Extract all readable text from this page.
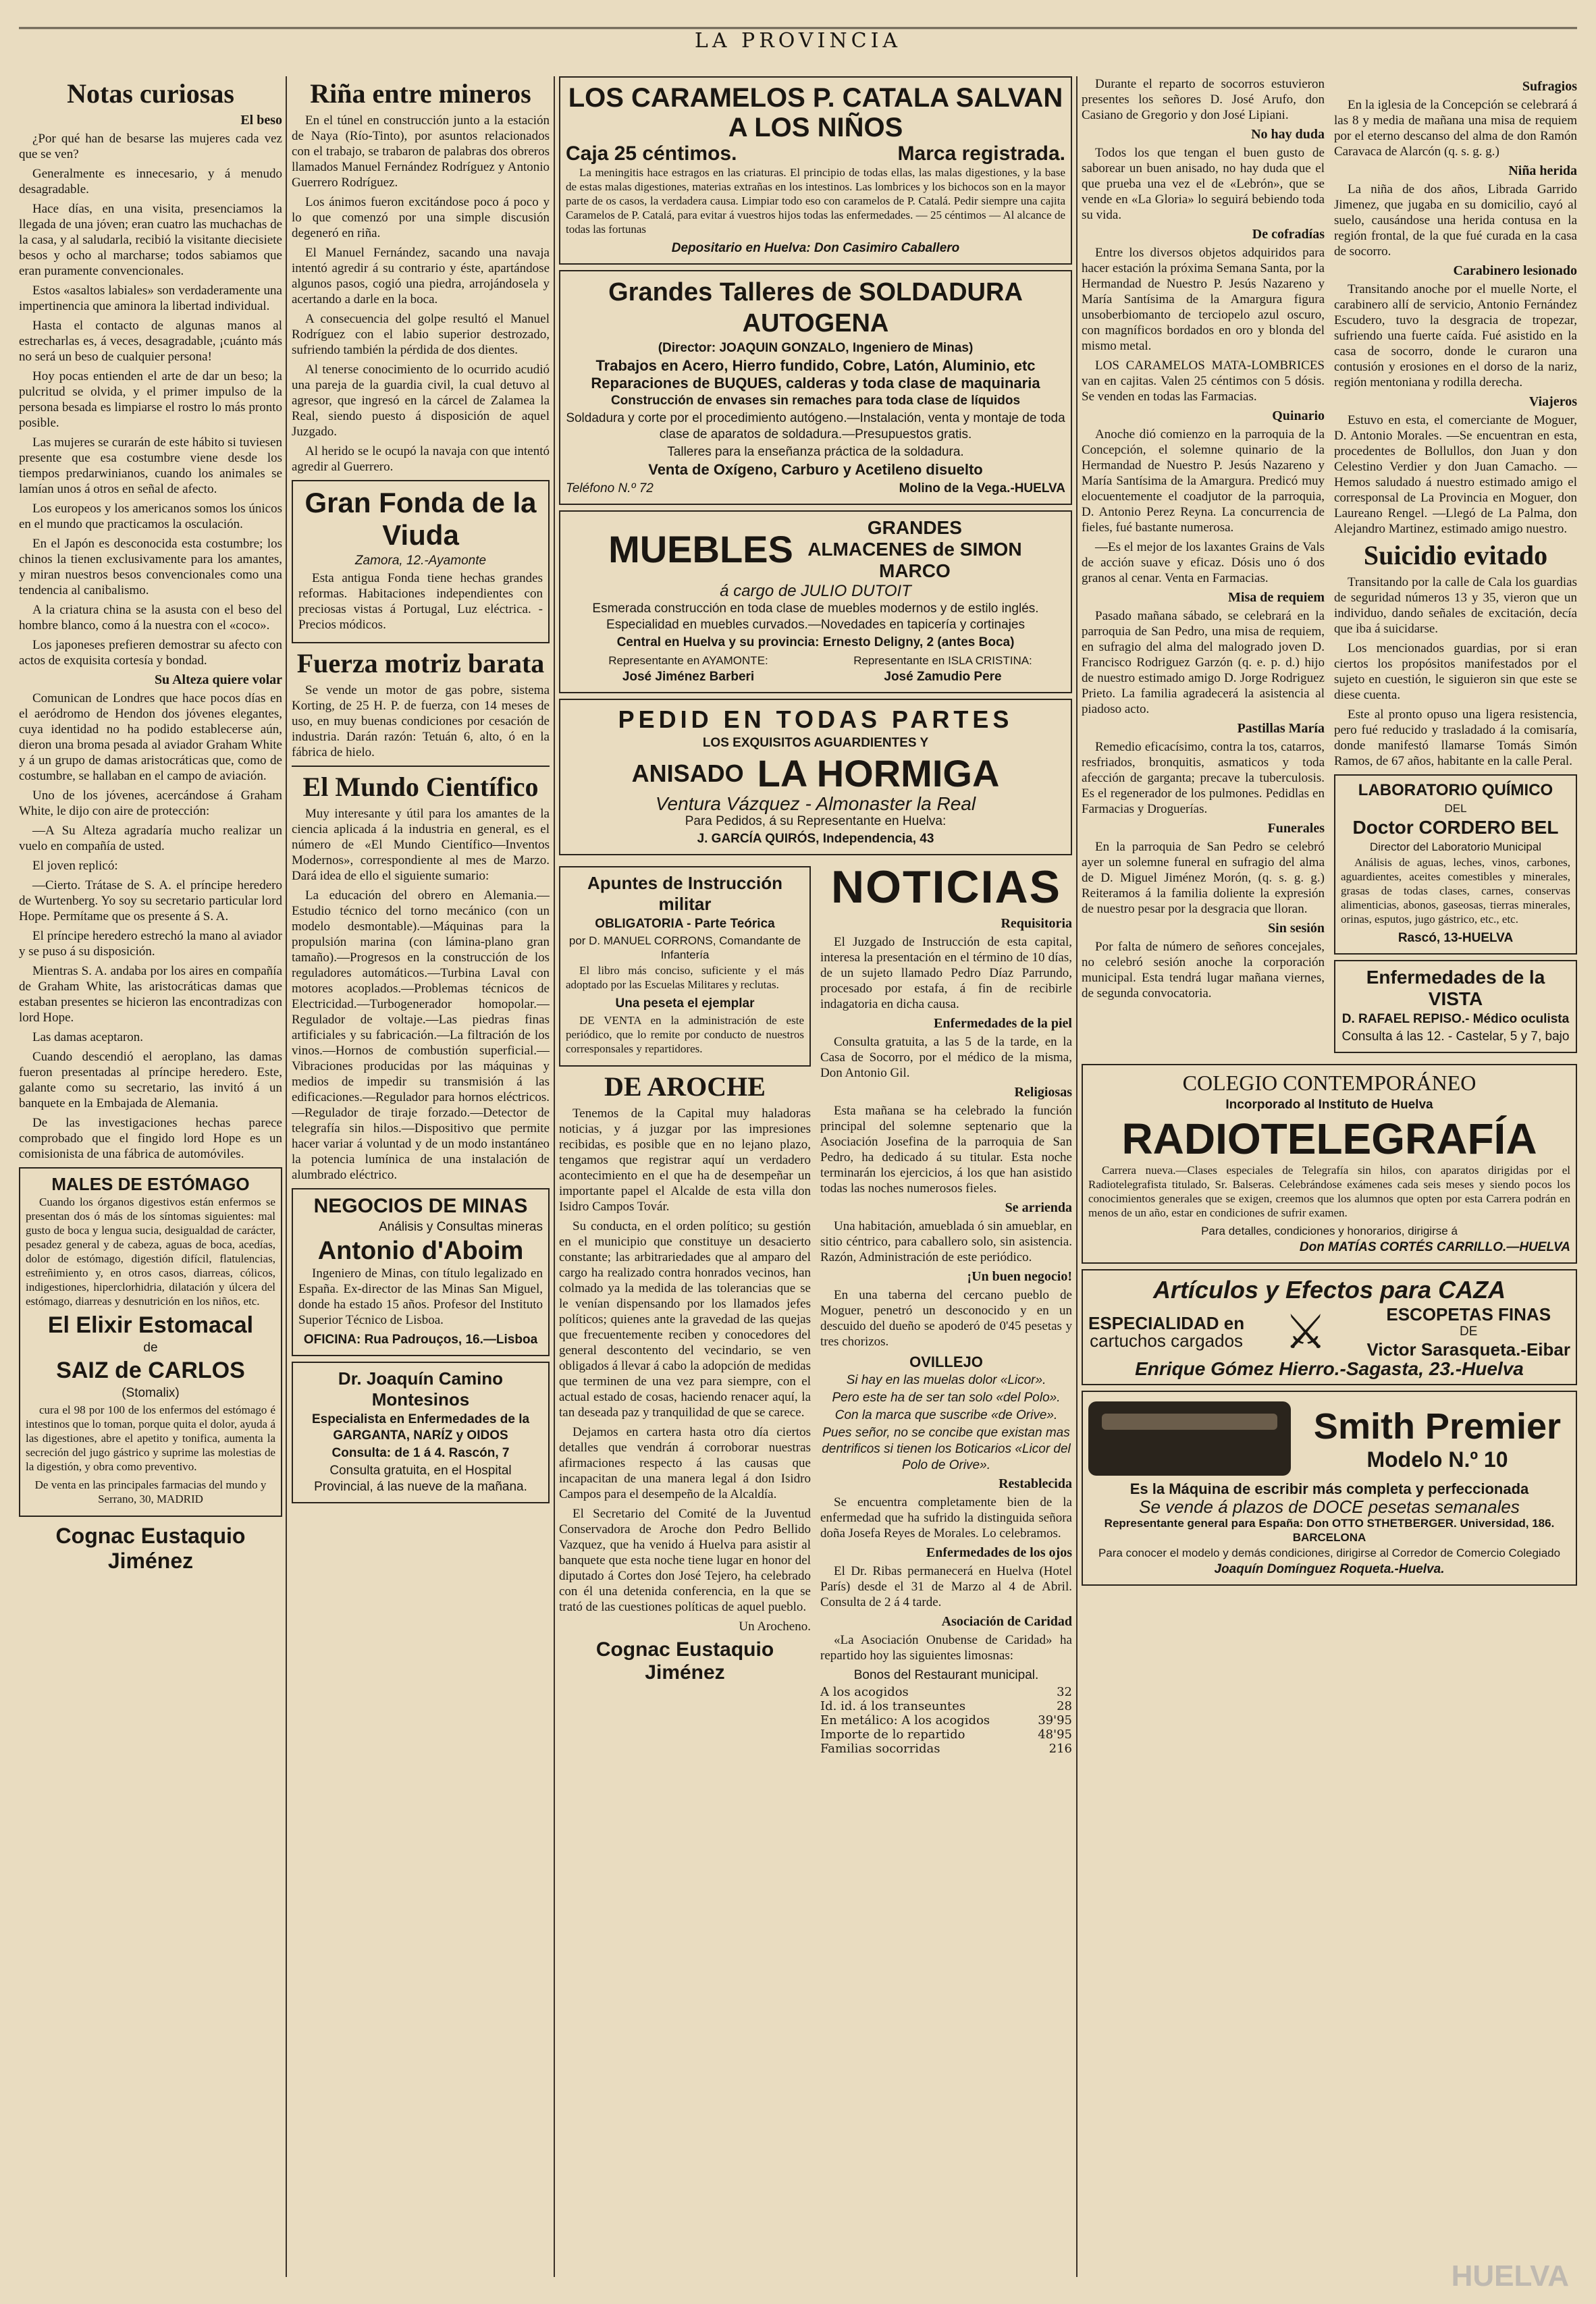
LA PROVINCIA
Notas curiosas
El beso

¿Por qué han de besarse las mujeres cada vez que se ven?

Generalmente es innecesario, y á menudo desagradable.

Hace días, en una visita, presenciamos la llegada de una jóven; eran cuatro las muchachas de la casa, y al saludarla, recibió la visitante diecisiete besos y ocho al marcharse; todos sabiamos que eran puramente convencionales.

Estos «asaltos labiales» son verdaderamente una impertinencia que aminora la libertad individual.

Hasta el contacto de algunas manos al estrecharlas es, á veces, desagradable, ¡cuánto más no será un beso de cualquier persona!

Hoy pocas entienden el arte de dar un beso; la pulcritud se olvida, y el primer impulso de la persona besada es limpiarse el rostro lo más pronto posible.

Las mujeres se curarán de este hábito si tuviesen presente que esa costumbre viene desde los tiempos predarwinianos, cuando los animales se lamían unos á otros en señal de afecto.

Los europeos y los americanos somos los únicos en el mundo que practicamos la osculación.

En el Japón es desconocida esta costumbre; los chinos la tienen exclusivamente para los amantes, y miran nuestros besos convencionales como una tendencia al canibalismo.

A la criatura china se la asusta con el beso del hombre blanco, como á la nuestra con el «coco».

Los japoneses prefieren demostrar su afecto con actos de exquisita cortesía y bondad.

Su Alteza quiere volar

Comunican de Londres que hace pocos días en el aeródromo de Hendon dos jóvenes elegantes, cuya identidad no ha podido establecerse aún, dieron una broma pesada al aviador Graham White y á un grupo de damas aristocráticas que, como de costumbre, se hallaban en el campo de aviación.

Uno de los jóvenes, acercándose á Graham White, le dijo con aire de protección:

—A Su Alteza agradaría mucho realizar un vuelo en compañía de usted.

El joven replicó:

—Cierto. Trátase de S. A. el príncipe heredero de Wurtenberg. Yo soy su secretario particular lord Hope. Permítame que os presente á S. A.

El príncipe heredero estrechó la mano al aviador y se puso á su disposición.

Mientras S. A. andaba por los aires en compañía de Graham White, las aristocráticas damas que estaban presentes se hicieron las encontradizas con lord Hope.

Las damas aceptaron.

Cuando descendió el aeroplano, las damas fueron presentadas al príncipe heredero. Este, galante como su secretario, las invitó á un banquete en la Embajada de Alemania.

De las investigaciones hechas parece comprobado que el fingido lord Hope es un comisionista de una fábrica de automóviles.

MALES DE ESTÓMAGO

Cuando los órganos digestivos están enfermos se presentan dos ó más de los síntomas siguientes: mal gusto de boca y lengua sucia, desigualdad de carácter, pesadez general y de cabeza, aguas de boca, acedías, dolor de estómago, digestión difícil, flatulencias, estreñimiento y, en otros casos, diarreas, cólicos, indigestiones, hiperclorhidria, dilatación y úlcera del estómago, diarreas y desnutrición en los niños, etc.

El Elixir Estomacal
de
SAIZ de CARLOS
(Stomalix)

cura el 98 por 100 de los enfermos del estómago é intestinos que lo toman, porque quita el dolor, ayuda á las digestiones, abre el apetito y tonifica, aumenta la secreción del jugo gástrico y suprime las molestias de la digestión, y obra como preventivo.

De venta en las principales farmacias del mundo y Serrano, 30, MADRID

Cognac Eustaquio Jiménez
Riña entre mineros

En el túnel en construcción junto a la estación de Naya (Río-Tinto), por asuntos relacionados con el trabajo, se trabaron de palabras dos obreros llamados Manuel Fernández Rodríguez y Antonio Guerrero Rodríguez.

Los ánimos fueron excitándose poco á poco y lo que comenzó por una simple discusión degeneró en riña.

El Manuel Fernández, sacando una navaja intentó agredir á su contrario y éste, apartándose algunos pasos, cogió una piedra, arrojándosela y acertando a darle en la boca.

A consecuencia del golpe resultó el Manuel Rodríguez con el labio superior destrozado, sufriendo también la pérdida de dos dientes.

Al tenerse conocimiento de lo ocurrido acudió una pareja de la guardia civil, la cual detuvo al agresor, que ingresó en la cárcel de Zalamea la Real, siendo puesto á disposición de aquel Juzgado.

Al herido se le ocupó la navaja con que intentó agredir al Guerrero.

Gran Fonda de la Viuda
Zamora, 12.-Ayamonte

Esta antigua Fonda tiene hechas grandes reformas. Habitaciones independientes con preciosas vistas á Portugal, Luz eléctrica. - Precios módicos.

Fuerza motriz barata

Se vende un motor de gas pobre, sistema Korting, de 25 H. P. de fuerza, con 14 meses de uso, en muy buenas condiciones por cesación de industria. Darán razón: Tetuán 6, alto, ó en la fábrica de hielo.

El Mundo Científico

Muy interesante y útil para los amantes de la ciencia aplicada á la industria en general, es el número de «El Mundo Científico—Inventos Modernos», correspondiente al mes de Marzo. Dará idea de ello el siguiente sumario:

La educación del obrero en Alemania.—Estudio técnico del torno mecánico (con un modelo desmontable).—Máquinas para la propulsión marina (con lámina-plano gran tamaño).—Progresos en la construcción de los reguladores automáticos.—Turbina Laval con motores acoplados.—Problemas técnicos de Electricidad.—Turbogenerador homopolar.—Regulador de voltaje.—Las piedras finas artificiales y su fabricación.—La filtración de los vinos.—Hornos de combustión superficial.—Vibraciones producidas por las máquinas y medios de impedir su transmisión á las edificaciones.—Regulador para hornos eléctricos.—Regulador de tiraje forzado.—Detector de telegrafía sin hilos.—Dispositivo que permite hacer variar á voluntad y de un modo instantáneo la potencia lumínica de una instalación de alumbrado eléctrico.

NEGOCIOS DE MINAS
Análisis y Consultas mineras
Antonio d'Aboim

Ingeniero de Minas, con título legalizado en España. Ex-director de las Minas San Miguel, donde ha estado 15 años. Profesor del Instituto Superior Técnico de Lisboa.

OFICINA: Rua Padrouços, 16.—Lisboa
Dr. Joaquín Camino Montesinos
Especialista en Enfermedades de la GARGANTA, NARÍZ y OIDOS
Consulta: de 1 á 4. Rascón, 7
Consulta gratuita, en el Hospital Provincial, á las nueve de la mañana.
LOS CARAMELOS P. CATALA SALVAN A LOS NIÑOS
Caja 25 céntimos.	Marca registrada.

La meningitis hace estragos en las criaturas. El principio de todas ellas, las malas digestiones, y la base de estas malas digestiones, materias extrañas en los intestinos. Las lombrices y los bichocos son en la mayor parte de os casos, la verdadera causa. Limpiar todo eso con caramelos de P. Catalá. Pedir siempre una cajita Caramelos de P. Catalá, para evitar á vuestros hijos todas las enfermedades. — 25 céntimos — Al alcance de todas las fortunas

Depositario en Huelva: Don Casimiro Caballero
Grandes Talleres de SOLDADURA AUTOGENA
(Director: JOAQUIN GONZALO, Ingeniero de Minas)
Trabajos en Acero, Hierro fundido, Cobre, Latón, Aluminio, etc
Reparaciones de BUQUES, calderas y toda clase de maquinaria
Construcción de envases sin remaches para toda clase de líquidos
Soldadura y corte por el procedimiento autógeno.—Instalación, venta y montaje de toda clase de aparatos de soldadura.—Presupuestos gratis.
Talleres para la enseñanza práctica de la soldadura.
Venta de Oxígeno, Carburo y Acetileno disuelto
Teléfono N.º 72	Molino de la Vega.-HUELVA
MUEBLES
GRANDES ALMACENES de SIMON MARCO
á cargo de JULIO DUTOIT
Esmerada construcción en toda clase de muebles modernos y de estilo inglés. Especialidad en muebles curvados.—Novedades en tapicería y cortinajes
Central en Huelva y su provincia: Ernesto Deligny, 2 (antes Boca)
Representante en AYAMONTE:
José Jiménez Barberi
Representante en ISLA CRISTINA:
José Zamudio Pere
PEDID EN TODAS PARTES
LOS EXQUISITOS AGUARDIENTES Y
ANISADO LA HORMIGA
Ventura Vázquez - Almonaster la Real
Para Pedidos, á su Representante en Huelva:
J. GARCÍA QUIRÓS, Independencia, 43
Apuntes de Instrucción militar
OBLIGATORIA - Parte Teórica
por D. MANUEL CORRONS, Comandante de Infantería

El libro más conciso, suficiente y el más adoptado por las Escuelas Militares y reclutas.

Una peseta el ejemplar

DE VENTA en la administración de este periódico, que lo remite por conducto de nuestros corresponsales y repartidores.

DE AROCHE

Tenemos de la Capital muy haladoras noticias, y á juzgar por las impresiones recibidas, es posible que en no lejano plazo, tengamos que registrar aquí un verdadero acontecimiento en el que ha de desempeñar un importante papel el Alcalde de esta villa don Isidro Campos Továr.

Su conducta, en el orden político; su gestión en el municipio que constituye un desacierto constante; las arbitrariedades que al amparo del cargo ha realizado contra honrados vecinos, han colmado ya la medida de las tolerancias que se le venían dispensando por los llamados jefes políticos; quienes ante la gravedad de las quejas que frecuentemente reciben y conocedores del general descontento del vecindario, se ven obligados á llevar á cabo la adopción de medidas que terminen de una vez para siempre, con el actual estado de cosas, haciendo renacer aquí, la tan deseada paz y tranquilidad de que se carece.

Dejamos en cartera hasta otro día ciertos detalles que vendrán á corroborar nuestras afirmaciones respecto á las causas que incapacitan de una manera legal á don Isidro Campos para el desempeño de la Alcaldía.

El Secretario del Comité de la Juventud Conservadora de Aroche don Pedro Bellido Vazquez, que ha venido á Huelva para asistir al banquete que esta noche tiene lugar en honor del diputado á Cortes don José Tejero, ha celebrado con él una detenida conferencia, en la que se trató de las cuestiones políticas de aquel pueblo.

Un Arocheno.

Cognac Eustaquio Jiménez
NOTICIAS
Requisitoria

El Juzgado de Instrucción de esta capital, interesa la presentación en el término de 10 días, de un sujeto llamado Pedro Díaz Parrundo, procesado por estafa, á fin de recibirle indagatoria en dicha causa.

Enfermedades de la piel

Consulta gratuita, a las 5 de la tarde, en la Casa de Socorro, por el médico de la misma, Don Antonio Gil.

Religiosas

Esta mañana se ha celebrado la función principal del solemne septenario que la Asociación Josefina de la parroquia de San Pedro, ha dedicado á su titular. Esta noche terminarán los ejercicios, á los que han asistido todas las noches numerosos fieles.

Se arrienda

Una habitación, amueblada ó sin amueblar, en sitio céntrico, para caballero solo, sin asistencia. Razón, Administración de este periódico.

¡Un buen negocio!

En una taberna del cercano pueblo de Moguer, penetró un desconocido y en un descuido del dueño se apoderó de 0'45 pesetas y tres chorizos.

OVILLEJO
Si hay en las muelas dolor «Licor».
Pero este ha de ser tan solo «del Polo».
Con la marca que suscribe «de Orive».
Pues señor, no se concibe que existan mas dentrificos si tienen los Boticarios «Licor del Polo de Orive».
Restablecida

Se encuentra completamente bien de la enfermedad que ha sufrido la distinguida señora doña Josefa Reyes de Morales. Lo celebramos.

Enfermedades de los ojos

El Dr. Ribas permanecerá en Huelva (Hotel París) desde el 31 de Marzo al 4 de Abril. Consulta de 2 á 4 tarde.

Asociación de Caridad

«La Asociación Onubense de Caridad» ha repartido hoy las siguientes limosnas:

Bonos del Restaurant municipal.
A los acogidos	32
Id. id. á los transeuntes	28
En metálico: A los acogidos	39'95
Importe de lo repartido	48'95
Familias socorridas	216

Durante el reparto de socorros estuvieron presentes los señores D. José Arufo, don Casiano de Gregorio y don José Lipiani.

No hay duda

Todos los que tengan el buen gusto de saborear un buen anisado, no hay duda que el que prueba una vez el de «Lebrón», que se vende en «La Gloria» lo seguirá bebiendo toda su vida.

De cofradías

Entre los diversos objetos adquiridos para hacer estación la próxima Semana Santa, por la Hermandad de Nuestro P. Jesús Nazareno y María Santísima de la Amargura figura unsoberbiomanto de terciopelo azul oscuro, con magníficos bordados en oro y blonda del mismo metal.

LOS CARAMELOS MATA-LOMBRICES van en cajitas. Valen 25 céntimos con 5 dósis. Se venden en todas las Farmacias.

Quinario

Anoche dió comienzo en la parroquia de la Concepción, el solemne quinario de la Hermandad de Nuestro P. Jesús Nazareno y María Santísima de la Amargura. Predicó muy elocuentemente el coadjutor de la parroquia, D. Antonio Perez Reyna. La concurrencia de fieles, fué bastante numerosa.

—Es el mejor de los laxantes Grains de Vals de acción suave y eficaz. Dósis uno ó dos granos al cenar. Venta en Farmacias.

Misa de requiem

Pasado mañana sábado, se celebrará en la parroquia de San Pedro, una misa de requiem, en sufragio del alma del malogrado joven D. Francisco Rodriguez Garzón (q. e. p. d.) hijo de nuestro estimado amigo D. Jorge Rodriguez Prieto. La familia agradecerá la asistencia al piadoso acto.

Pastillas María

Remedio eficacísimo, contra la tos, catarros, resfriados, bronquitis, asmaticos y toda afección de garganta; precave la tuberculosis. Es el regenerador de los pulmones. Pedidlas en Farmacias y Droguerías.

Funerales

En la parroquia de San Pedro se celebró ayer un solemne funeral en sufragio del alma de D. Miguel Jiménez Morón, (q. s. g. g.) Reiteramos á la familia doliente la expresión de nuestro pesar por la desgracia que lloran.

Sin sesión

Por falta de número de señores concejales, no celebró sesión anoche la corporación municipal. Esta tendrá lugar mañana viernes, de segunda convocatoria.

Sufragios

En la iglesia de la Concepción se celebrará á las 8 y media de mañana una misa de requiem por el eterno descanso del alma de don Ramón Caravaca de Alarcón (q. s. g. g.)

Niña herida

La niña de dos años, Librada Garrido Jimenez, que jugaba en su domicilio, cayó al suelo, causándose una herida contusa en la región frontal, de la que fué curada en la casa de socorro.

Carabinero lesionado

Transitando anoche por el muelle Norte, el carabinero allí de servicio, Antonio Fernández Escudero, tuvo la desgracia de tropezar, sufriendo una fuerte caída. Fué asistido en la casa de socorro, donde le curaron una contusión y erosiones en el dorso de la nariz, región mentoniana y rodilla derecha.

Viajeros

Estuvo en esta, el comerciante de Moguer, D. Antonio Morales. —Se encuentran en esta, procedentes de Bollullos, don Juan y don Celestino Verdier y don Juan Camacho. —Hemos saludado á nuestro estimado amigo el corresponsal de La Provincia en Moguer, don Laureano Rengel. —Llegó de La Palma, don Alejandro Martinez, estimado amigo nuestro.

Suicidio evitado

Transitando por la calle de Cala los guardias de seguridad números 13 y 35, vieron que un individuo, dando señales de excitación, decía que iba á suicidarse.

Los mencionados guardias, por si eran ciertos los propósitos manifestados por el sujeto en cuestión, le siguieron sin que este se diese cuenta.

Este al pronto opuso una ligera resistencia, pero fué reducido y trasladado á la comisaría, donde manifestó llamarse Tomás Simón Ramos, de 67 años, habitante en la calle Peral.

LABORATORIO QUÍMICO
DEL
Doctor CORDERO BEL
Director del Laboratorio Municipal

Análisis de aguas, leches, vinos, carbones, aguardientes, aceites comestibles y minerales, grasas de todas clases, carnes, conservas alimenticias, abonos, gaseosas, tierras minerales, orinas, esputos, jugo gástrico, etc., etc.

Rascó, 13-HUELVA
Enfermedades de la VISTA
D. RAFAEL REPISO.- Médico oculista
Consulta á las 12. - Castelar, 5 y 7, bajo
COLEGIO CONTEMPORÁNEO
Incorporado al Instituto de Huelva
RADIOTELEGRAFÍA

Carrera nueva.—Clases especiales de Telegrafía sin hilos, con aparatos dirigidas por el Radiotelegrafista titulado, Sr. Balseras. Celebrándose exámenes cada seis meses y siendo pocos los conocimientos generales que se exigen, creemos que los alumnos que opten por esta Carrera podrán en menos de un año, estar en condiciones de sufrir examen.

Para detalles, condiciones y honorarios, dirigirse á
Don MATÍAS CORTÉS CARRILLO.—HUELVA
Artículos y Efectos para CAZA
ESPECIALIDAD en
cartuchos cargados ⚔	ESCOPETAS FINAS
DE
Victor Sarasqueta.-Eibar
Enrique Gómez Hierro.-Sagasta, 23.-Huelva
Smith Premier
Modelo N.º 10
Es la Máquina de escribir más completa y perfeccionada
Se vende á plazos de DOCE pesetas semanales
Representante general para España: Don OTTO STHETBERGER. Universidad, 186. BARCELONA
Para conocer el modelo y demás condiciones, dirigirse al Corredor de Comercio Colegiado
Joaquín Domínguez Roqueta.-Huelva.
HUELVA
